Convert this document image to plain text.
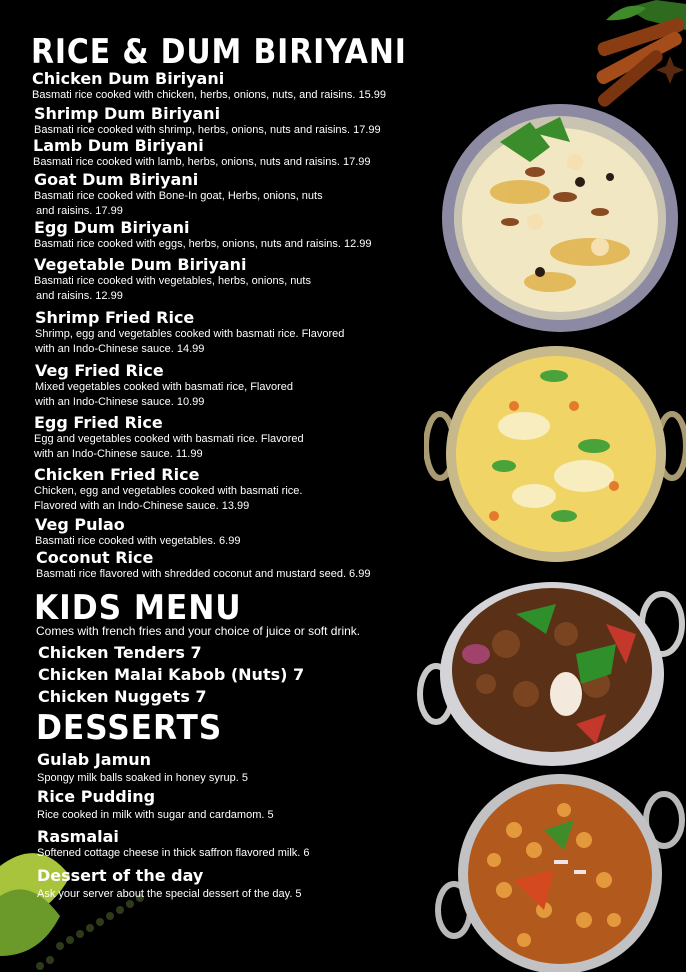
RICE & DUM BIRIYANI
Chicken Dum Biriyani
Basmati rice cooked with chicken, herbs, onions, nuts, and raisins. 15.99
Shrimp Dum Biriyani
Basmati rice cooked with shrimp, herbs, onions, nuts and raisins. 17.99
Lamb Dum Biriyani
Basmati rice cooked with lamb, herbs, onions, nuts and raisins. 17.99
Goat Dum Biriyani
Basmati rice cooked with Bone-In goat, Herbs, onions, nuts
and raisins. 17.99
Egg Dum Biriyani
Basmati rice cooked with eggs, herbs, onions, nuts and raisins. 12.99
Vegetable Dum Biriyani
Basmati rice cooked with vegetables, herbs, onions, nuts
and raisins. 12.99
Shrimp Fried Rice
Shrimp, egg and vegetables cooked with basmati rice. Flavored
with an Indo-Chinese sauce. 14.99
Veg Fried Rice
Mixed vegetables cooked with basmati rice, Flavored
with an Indo-Chinese sauce. 10.99
Egg Fried Rice
Egg and vegetables cooked with basmati rice. Flavored
with an Indo-Chinese sauce. 11.99
Chicken Fried Rice
Chicken, egg and vegetables cooked with basmati rice.
Flavored with an Indo-Chinese sauce. 13.99
Veg Pulao
Basmati rice cooked with vegetables. 6.99
Coconut Rice
Basmati rice flavored with shredded coconut and mustard seed. 6.99
KIDS MENU
Comes with french fries and your choice of juice or soft drink.
Chicken Tenders 7
Chicken Malai Kabob (Nuts) 7
Chicken Nuggets 7
DESSERTS
Gulab Jamun
Spongy milk balls soaked in honey syrup. 5
Rice Pudding
Rice cooked in milk with sugar and cardamom. 5
Rasmalai
Softened cottage cheese in thick saffron flavored milk. 6
Dessert of the day
Ask your server about the special dessert of the day. 5
